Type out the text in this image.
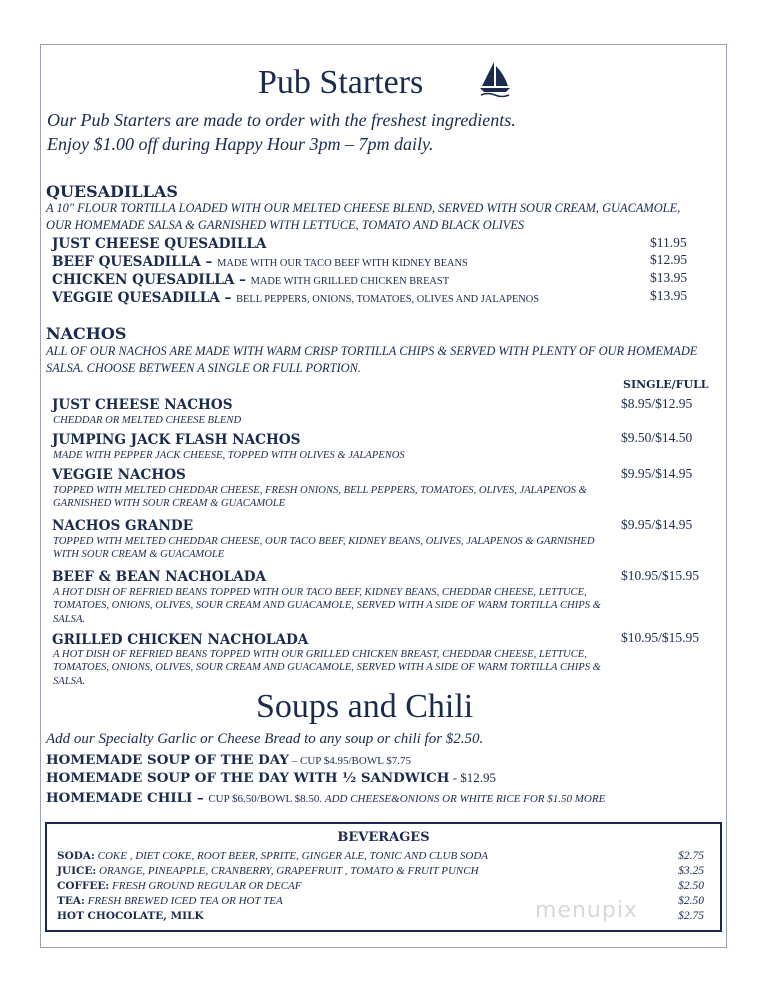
Pub Starters
Our Pub Starters are made to order with the freshest ingredients.
Enjoy $1.00 off during Happy Hour 3pm – 7pm daily.
QUESADILLAS
A 10" FLOUR TORTILLA LOADED WITH OUR MELTED CHEESE BLEND, SERVED WITH SOUR CREAM, GUACAMOLE, OUR HOMEMADE SALSA & GARNISHED WITH LETTUCE, TOMATO AND BLACK OLIVES
JUST CHEESE QUESADILLA	$11.95
BEEF QUESADILLA – MADE WITH OUR TACO BEEF WITH KIDNEY BEANS	$12.95
CHICKEN QUESADILLA – MADE WITH GRILLED CHICKEN BREAST	$13.95
VEGGIE QUESADILLA – BELL PEPPERS, ONIONS, TOMATOES, OLIVES AND JALAPENOS	$13.95
NACHOS
ALL OF OUR NACHOS ARE MADE WITH WARM CRISP TORTILLA CHIPS & SERVED WITH PLENTY OF OUR HOMEMADE SALSA. CHOOSE BETWEEN A SINGLE OR FULL PORTION.
SINGLE/FULL
JUST CHEESE NACHOS	$8.95/$12.95
CHEDDAR OR MELTED CHEESE BLEND
JUMPING JACK FLASH NACHOS	$9.50/$14.50
MADE WITH PEPPER JACK CHEESE, TOPPED WITH OLIVES & JALAPENOS
VEGGIE NACHOS	$9.95/$14.95
TOPPED WITH MELTED CHEDDAR CHEESE, FRESH ONIONS, BELL PEPPERS, TOMATOES, OLIVES, JALAPENOS & GARNISHED WITH SOUR CREAM & GUACAMOLE
NACHOS GRANDE	$9.95/$14.95
TOPPED WITH MELTED CHEDDAR CHEESE, OUR TACO BEEF, KIDNEY BEANS, OLIVES, JALAPENOS & GARNISHED WITH SOUR CREAM & GUACAMOLE
BEEF & BEAN NACHOLADA	$10.95/$15.95
A HOT DISH OF REFRIED BEANS TOPPED WITH OUR TACO BEEF, KIDNEY BEANS, CHEDDAR CHEESE, LETTUCE, TOMATOES, ONIONS, OLIVES, SOUR CREAM AND GUACAMOLE, SERVED WITH A SIDE OF WARM TORTILLA CHIPS & SALSA.
GRILLED CHICKEN NACHOLADA	$10.95/$15.95
A HOT DISH OF REFRIED BEANS TOPPED WITH OUR GRILLED CHICKEN BREAST, CHEDDAR CHEESE, LETTUCE, TOMATOES, ONIONS, OLIVES, SOUR CREAM AND GUACAMOLE, SERVED WITH A SIDE OF WARM TORTILLA CHIPS & SALSA.
Soups and Chili
Add our Specialty Garlic or Cheese Bread to any soup or chili for $2.50.
HOMEMADE SOUP OF THE DAY – CUP $4.95/BOWL $7.75
HOMEMADE SOUP OF THE DAY WITH ½ SANDWICH - $12.95
HOMEMADE CHILI – CUP $6.50/BOWL $8.50. ADD CHEESE&ONIONS OR WHITE RICE FOR $1.50 MORE
BEVERAGES
SODA: COKE , DIET COKE, ROOT BEER, SPRITE, GINGER ALE, TONIC AND CLUB SODA	$2.75
JUICE: ORANGE, PINEAPPLE, CRANBERRY, GRAPEFRUIT , TOMATO & FRUIT PUNCH	$3.25
COFFEE: FRESH GROUND REGULAR OR DECAF	$2.50
TEA: FRESH BREWED ICED TEA OR HOT TEA	$2.50
HOT CHOCOLATE, MILK	$2.75
menupix
